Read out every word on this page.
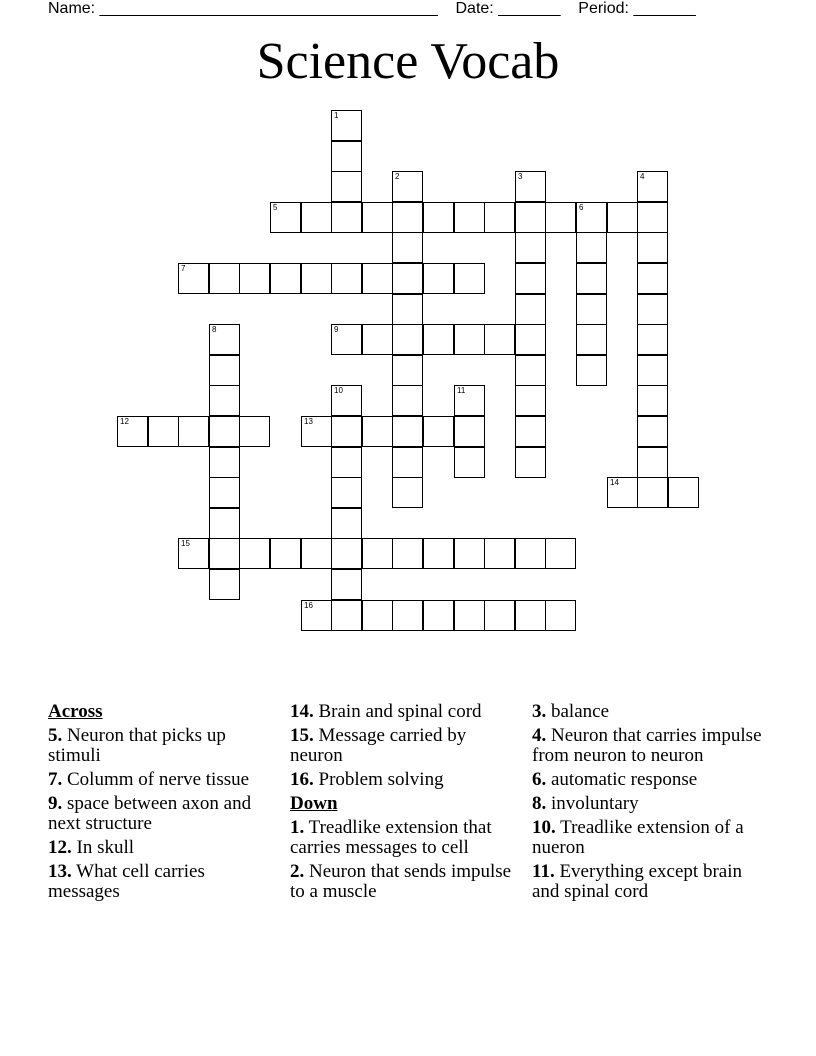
Name: ______________________________________ Date: _______ Period: _______
Science Vocab
1
2	3	4
5	6
7
8	9
10	11
12	13
14
15
16
Across
5. Neuron that picks up stimuli
7. Columm of nerve tissue
9. space between axon and next structure
12. In skull
13. What cell carries messages
14. Brain and spinal cord
15. Message carried by neuron
16. Problem solving
Down
1. Treadlike extension that carries messages to cell
2. Neuron that sends impulse to a muscle
3. balance
4. Neuron that carries impulse from neuron to neuron
6. automatic response
8. involuntary
10. Treadlike extension of a nueron
11. Everything except brain and spinal cord
